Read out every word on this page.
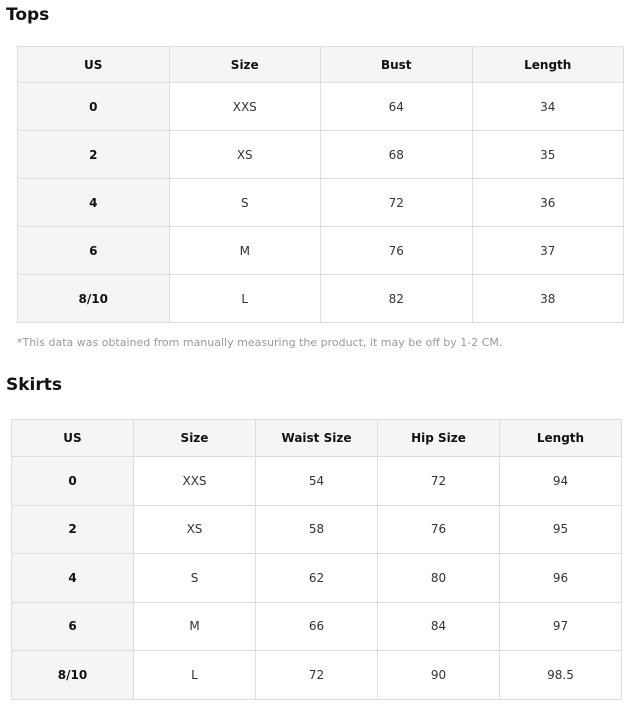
Tops
US	Size	Bust	Length
0	XXS	64	34
2	XS	68	35
4	S	72	36
6	M	76	37
8/10	L	82	38

*This data was obtained from manually measuring the product, it may be off by 1-2 CM.

Skirts
US	Size	Waist Size	Hip Size	Length
0	XXS	54	72	94
2	XS	58	76	95
4	S	62	80	96
6	M	66	84	97
8/10	L	72	90	98.5
